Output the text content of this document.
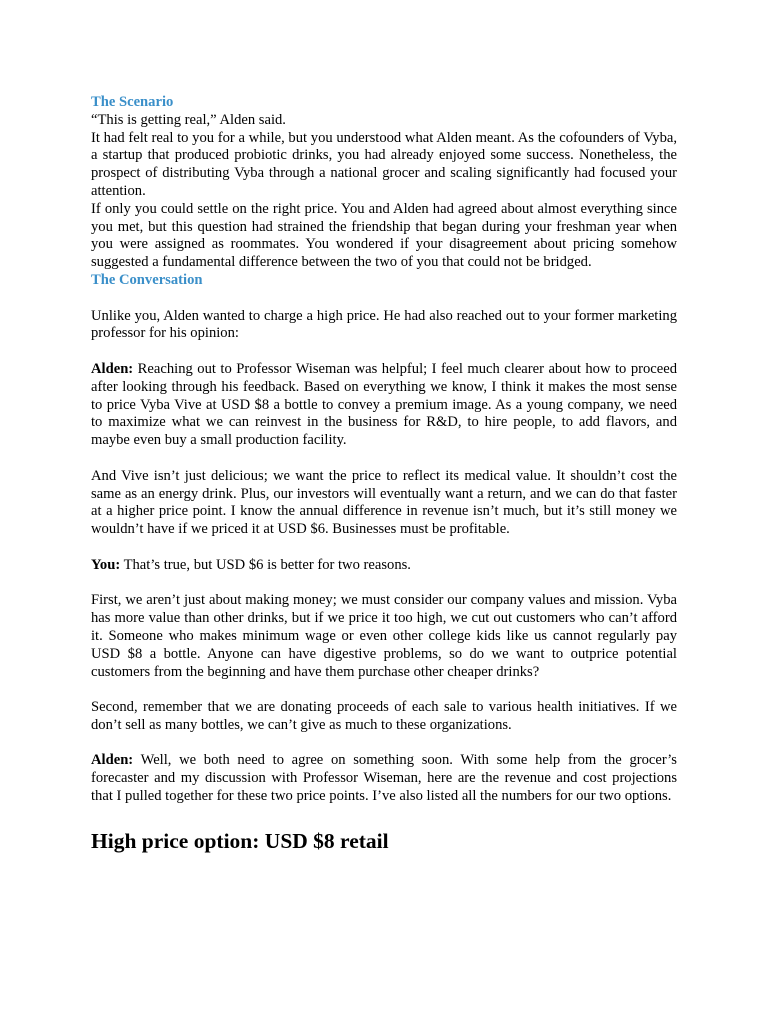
The Scenario

“This is getting real,” Alden said.

It had felt real to you for a while, but you understood what Alden meant. As the cofounders of Vyba, a startup that produced probiotic drinks, you had already enjoyed some success. Nonetheless, the prospect of distributing Vyba through a national grocer and scaling significantly had focused your attention.

If only you could settle on the right price. You and Alden had agreed about almost everything since you met, but this question had strained the friendship that began during your freshman year when you were assigned as roommates. You wondered if your disagreement about pricing somehow suggested a fundamental difference between the two of you that could not be bridged.

The Conversation

Unlike you, Alden wanted to charge a high price. He had also reached out to your former marketing professor for his opinion:

Alden: Reaching out to Professor Wiseman was helpful; I feel much clearer about how to proceed after looking through his feedback. Based on everything we know, I think it makes the most sense to price Vyba Vive at USD $8 a bottle to convey a premium image. As a young company, we need to maximize what we can reinvest in the business for R&D, to hire people, to add flavors, and maybe even buy a small production facility.

And Vive isn’t just delicious; we want the price to reflect its medical value. It shouldn’t cost the same as an energy drink. Plus, our investors will eventually want a return, and we can do that faster at a higher price point. I know the annual difference in revenue isn’t much, but it’s still money we wouldn’t have if we priced it at USD $6. Businesses must be profitable.

You: That’s true, but USD $6 is better for two reasons.

First, we aren’t just about making money; we must consider our company values and mission. Vyba has more value than other drinks, but if we price it too high, we cut out customers who can’t afford it. Someone who makes minimum wage or even other college kids like us cannot regularly pay USD $8 a bottle. Anyone can have digestive problems, so do we want to outprice potential customers from the beginning and have them purchase other cheaper drinks?

Second, remember that we are donating proceeds of each sale to various health initiatives. If we don’t sell as many bottles, we can’t give as much to these organizations.

Alden: Well, we both need to agree on something soon. With some help from the grocer’s forecaster and my discussion with Professor Wiseman, here are the revenue and cost projections that I pulled together for these two price points. I’ve also listed all the numbers for our two options.

High price option: USD $8 retail
